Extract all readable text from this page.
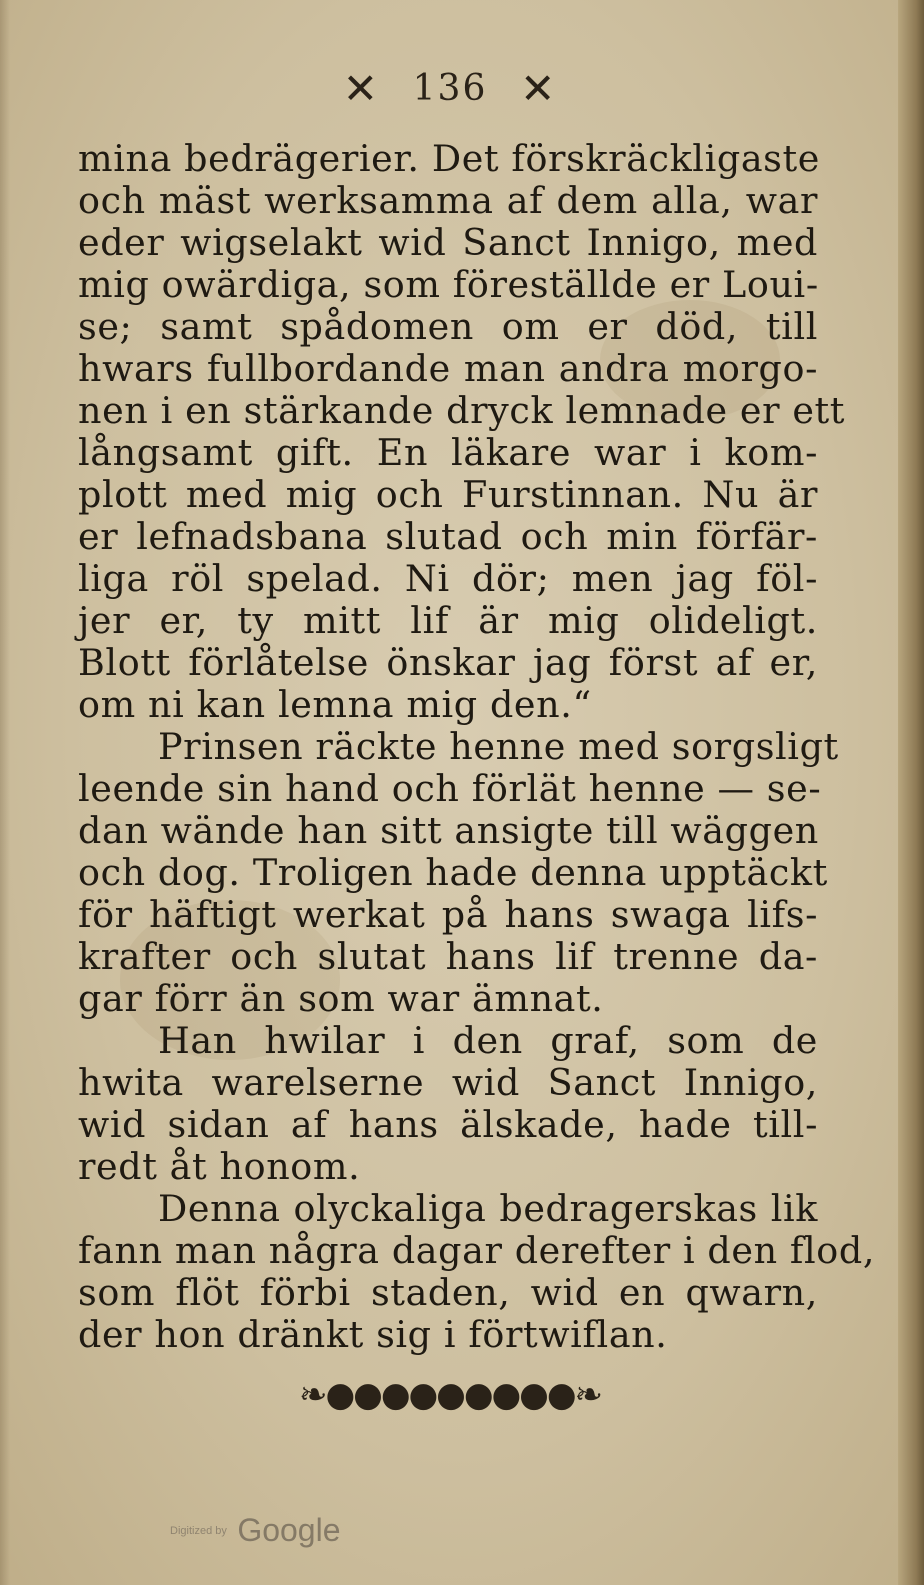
✕ 136 ✕
mina bedrägerier. Det förskräckligaste
och mäst werksamma af dem alla, war
eder wigselakt wid Sanct Innigo, med
mig owärdiga, som föreställde er Loui-
se; samt spådomen om er död, till
hwars fullbordande man andra morgo-
nen i en stärkande dryck lemnade er ett
långsamt gift. En läkare war i kom-
plott med mig och Furstinnan. Nu är
er lefnadsbana slutad och min förfär-
liga röl spelad. Ni dör; men jag föl-
jer er, ty mitt lif är mig olideligt.
Blott förlåtelse önskar jag först af er,
om ni kan lemna mig den.“
Prinsen räckte henne med sorgsligt
leende sin hand och förlät henne — se-
dan wände han sitt ansigte till wäggen
och dog. Troligen hade denna upptäckt
för häftigt werkat på hans swaga lifs-
krafter och slutat hans lif trenne da-
gar förr än som war ämnat.
Han hwilar i den graf, som de
hwita warelserne wid Sanct Innigo,
wid sidan af hans älskade, hade till-
redt åt honom.
Denna olyckaliga bedragerskas lik
fann man några dagar derefter i den flod,
som flöt förbi staden, wid en qwarn,
der hon dränkt sig i förtwiflan.
❧●●●●●●●●●❧
Digitized by Google
